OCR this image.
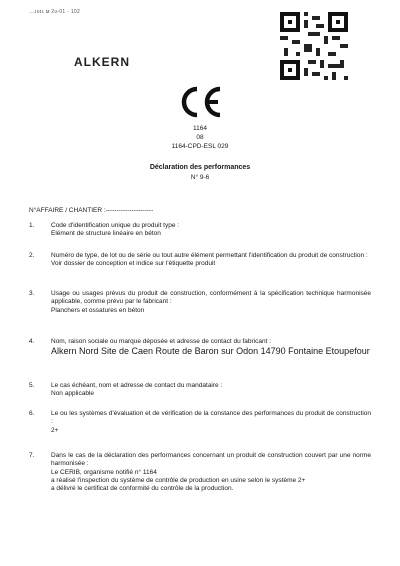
…ᴊᴜɪʟ ᴍ 2ᴜ-01 - 102
ALKERN
1164
08
1164-CPD-ESL 029
Déclaration des performances
N° 9-6
N°AFFAIRE / CHANTIER :----------------------
1.	Code d'identification unique du produit type :

Elément de structure linéaire en béton

2.	Numéro de type, de lot ou de série ou tout autre élément permettant l'identification du produit de construction :

Voir dossier de conception et indice sur l'étiquette produit

3.	Usage ou usages prévus du produit de construction, conformément à la spécification technique harmonisée applicable, comme prévu par le fabricant :

Planchers et ossatures en béton

4.	Nom, raison sociale ou marque déposée et adresse de contact du fabricant :

Alkern Nord Site de Caen Route de Baron sur Odon 14790 Fontaine Etoupefour

5.	Le cas échéant, nom et adresse de contact du mandataire :

Non applicable

6.	Le ou les systèmes d'évaluation et de vérification de la constance des performances du produit de construction :

2+

7.	Dans le cas de la déclaration des performances concernant un produit de construction couvert par une norme harmonisée :

Le CERIB, organisme notifié n° 1164

a réalisé l'inspection du système de contrôle de production en usine selon le système 2+

a délivré le certificat de conformité du contrôle de la production.
